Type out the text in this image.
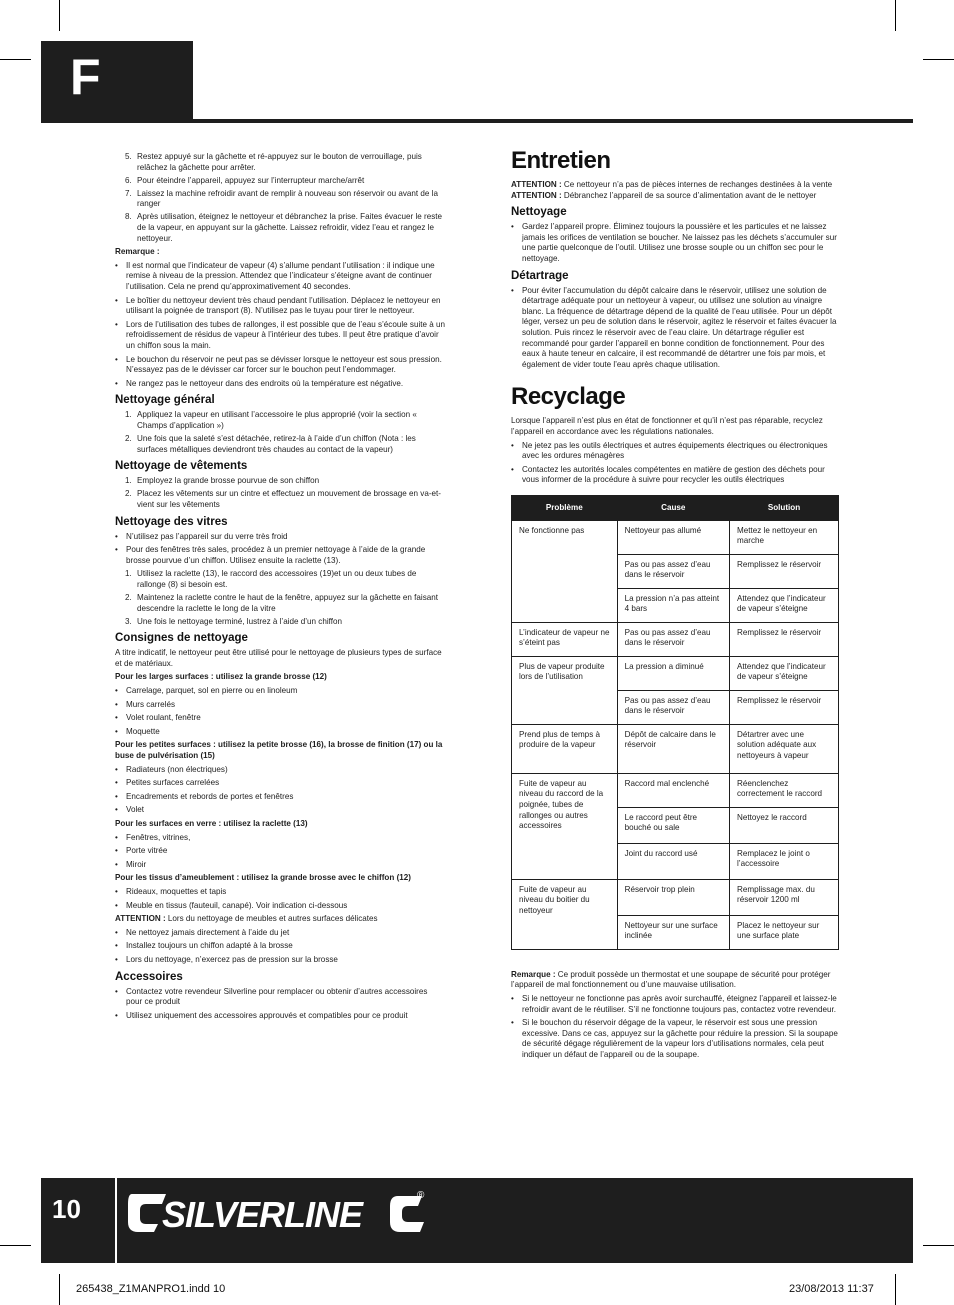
F
5. Restez appuyé sur la gâchette et ré-appuyez sur le bouton de verrouillage, puis relâchez la gâchette pour arrêter.
6. Pour éteindre l’appareil, appuyez sur l’interrupteur marche/arrêt
7. Laissez la machine refroidir avant de remplir à nouveau son réservoir ou avant de la ranger
8. Après utilisation, éteignez le nettoyeur et débranchez la prise. Faites évacuer le reste de la vapeur, en appuyant sur la gâchette. Laissez refroidir, videz l’eau et rangez le nettoyeur.
Remarque :
• Il est normal que l’indicateur de vapeur (4) s’allume pendant l’utilisation : il indique une remise à niveau de la pression. Attendez que l’indicateur s’éteigne avant de continuer l’utilisation. Cela ne prend qu’approximativement 40 secondes.
• Le boîtier du nettoyeur devient très chaud pendant l’utilisation. Déplacez le nettoyeur en utilisant la poignée de transport (8). N’utilisez pas le tuyau pour tirer le nettoyeur.
• Lors de l’utilisation des tubes de rallonges, il est possible que de l’eau s’écoule suite à un refroidissement de résidus de vapeur à l’intérieur des tubes. Il peut être pratique d’avoir un chiffon sous la main.
• Le bouchon du réservoir ne peut pas se dévisser lorsque le nettoyeur est sous pression. N’essayez pas de le dévisser car forcer sur le bouchon peut l’endommager.
• Ne rangez pas le nettoyeur dans des endroits où la température est négative.
Nettoyage général
1. Appliquez la vapeur en utilisant l’accessoire le plus approprié (voir la section « Champs d’application »)
2. Une fois que la saleté s’est détachée, retirez-la à l’aide d’un chiffon (Nota : les surfaces métalliques deviendront très chaudes au contact de la vapeur)
Nettoyage de vêtements
1. Employez la grande brosse pourvue de son chiffon
2. Placez les vêtements sur un cintre et effectuez un mouvement de brossage en va-et-vient sur les vêtements
Nettoyage des vitres
• N’utilisez pas l’appareil sur du verre très froid
• Pour des fenêtres très sales, procédez à un premier nettoyage à l’aide de la grande brosse pourvue d’un chiffon. Utilisez ensuite la raclette (13).
1. Utilisez la raclette (13), le raccord des accessoires (19)et un ou deux tubes de rallonge (8) si besoin est.
2. Maintenez la raclette contre le haut de la fenêtre, appuyez sur la gâchette en faisant descendre la raclette le long de la vitre
3. Une fois le nettoyage terminé, lustrez à l’aide d’un chiffon
Consignes de nettoyage
A titre indicatif, le nettoyeur peut être utilisé pour le nettoyage de plusieurs types de surface et de matériaux.
Pour les larges surfaces : utilisez la grande brosse (12)
• Carrelage, parquet, sol en pierre ou en linoleum
• Murs carrelés
• Volet roulant, fenêtre
• Moquette
Pour les petites surfaces : utilisez la petite brosse (16), la brosse de finition (17) ou la buse de pulvérisation (15)
• Radiateurs (non électriques)
• Petites surfaces carrelées
• Encadrements et rebords de portes et fenêtres
• Volet
Pour les surfaces en verre : utilisez la raclette (13)
• Fenêtres, vitrines,
• Porte vitrée
• Miroir
Pour les tissus d’ameublement : utilisez la grande brosse avec le chiffon (12)
• Rideaux, moquettes et tapis
• Meuble en tissus (fauteuil, canapé). Voir indication ci-dessous
ATTENTION : Lors du nettoyage de meubles et autres surfaces délicates
• Ne nettoyez jamais directement à l’aide du jet
• Installez toujours un chiffon adapté à la brosse
• Lors du nettoyage, n’exercez pas de pression sur la brosse
Accessoires
• Contactez votre revendeur Silverline pour remplacer ou obtenir d’autres accessoires pour ce produit
• Utilisez uniquement des accessoires approuvés et compatibles pour ce produit
Entretien
ATTENTION : Ce nettoyeur n’a pas de pièces internes de rechanges destinées à la vente
ATTENTION : Débranchez l’appareil de sa source d’alimentation avant de le nettoyer
Nettoyage
• Gardez l’appareil propre. Éliminez toujours la poussière et les particules et ne laissez jamais les orifices de ventilation se boucher. Ne laissez pas les déchets s’accumuler sur une partie quelconque de l’outil. Utilisez une brosse souple ou un chiffon sec pour le nettoyage.
Détartrage
• Pour éviter l’accumulation du dépôt calcaire dans le réservoir, utilisez une solution de détartrage adéquate pour un nettoyeur à vapeur, ou utilisez une solution au vinaigre blanc. La fréquence de détartrage dépend de la qualité de l’eau utilisée. Pour un dépôt léger, versez un peu de solution dans le réservoir, agitez le réservoir et faites évacuer la solution. Puis rincez le réservoir avec de l’eau claire. Un détartrage régulier est recommandé pour garder l’appareil en bonne condition de fonctionnement. Pour des eaux à haute teneur en calcaire, il est recommandé de détartrer une fois par mois, et également de vider toute l’eau après chaque utilisation.
Recyclage
Lorsque l’appareil n’est plus en état de fonctionner et qu’il n’est pas réparable, recyclez l’appareil en accordance avec les régulations nationales.
• Ne jetez pas les outils électriques et autres équipements électriques ou électroniques avec les ordures ménagères
• Contactez les autorités locales compétentes en matière de gestion des déchets pour vous informer de la procédure à suivre pour recycler les outils électriques
Problème	Cause	Solution
Ne fonctionne pas	Nettoyeur pas allumé	Mettez le nettoyeur en marche
	Pas ou pas assez d’eau dans le réservoir	Remplissez le réservoir
	La pression n’a pas atteint 4 bars	Attendez que l’indicateur de vapeur s’éteigne
L’indicateur de vapeur ne s’éteint pas	Pas ou pas assez d’eau dans le réservoir	Remplissez le réservoir
Plus de vapeur produite lors de l’utilisation	La pression a diminué	Attendez que l’indicateur de vapeur s’éteigne
	Pas ou pas assez d’eau dans le réservoir	Remplissez le réservoir
Prend plus de temps à produire de la vapeur	Dépôt de calcaire dans le réservoir	Détartrer avec une solution adéquate aux nettoyeurs à vapeur
Fuite de vapeur au niveau du raccord de la poignée, tubes de rallonges ou autres accessoires	Raccord mal enclenché	Réenclenchez correctement le raccord
	Le raccord peut être bouché ou sale	Nettoyez le raccord
	Joint du raccord usé	Remplacez le joint o l’accessoire
Fuite de vapeur au niveau du boitier du nettoyeur	Réservoir trop plein	Remplissage max. du réservoir 1200 ml
	Nettoyeur sur une surface inclinée	Placez le nettoyeur sur une surface plate
Remarque : Ce produit possède un thermostat et une soupape de sécurité pour protéger l’appareil de mal fonctionnement ou d’une mauvaise utilisation.
• Si le nettoyeur ne fonctionne pas après avoir surchauffé, éteignez l’appareil et laissez-le refroidir avant de le réutiliser. S’il ne fonctionne toujours pas, contactez votre revendeur.
• Si le bouchon du réservoir dégage de la vapeur, le réservoir est sous une pression excessive. Dans ce cas, appuyez sur la gâchette pour réduire la pression. Si la soupape de sécurité dégage régulièrement de la vapeur lors d’utilisations normales, cela peut indiquer un défaut de l’appareil ou de la soupape.
10 SILVERLINE	®
265438_Z1MANPRO1.indd 10	23/08/2013 11:37
